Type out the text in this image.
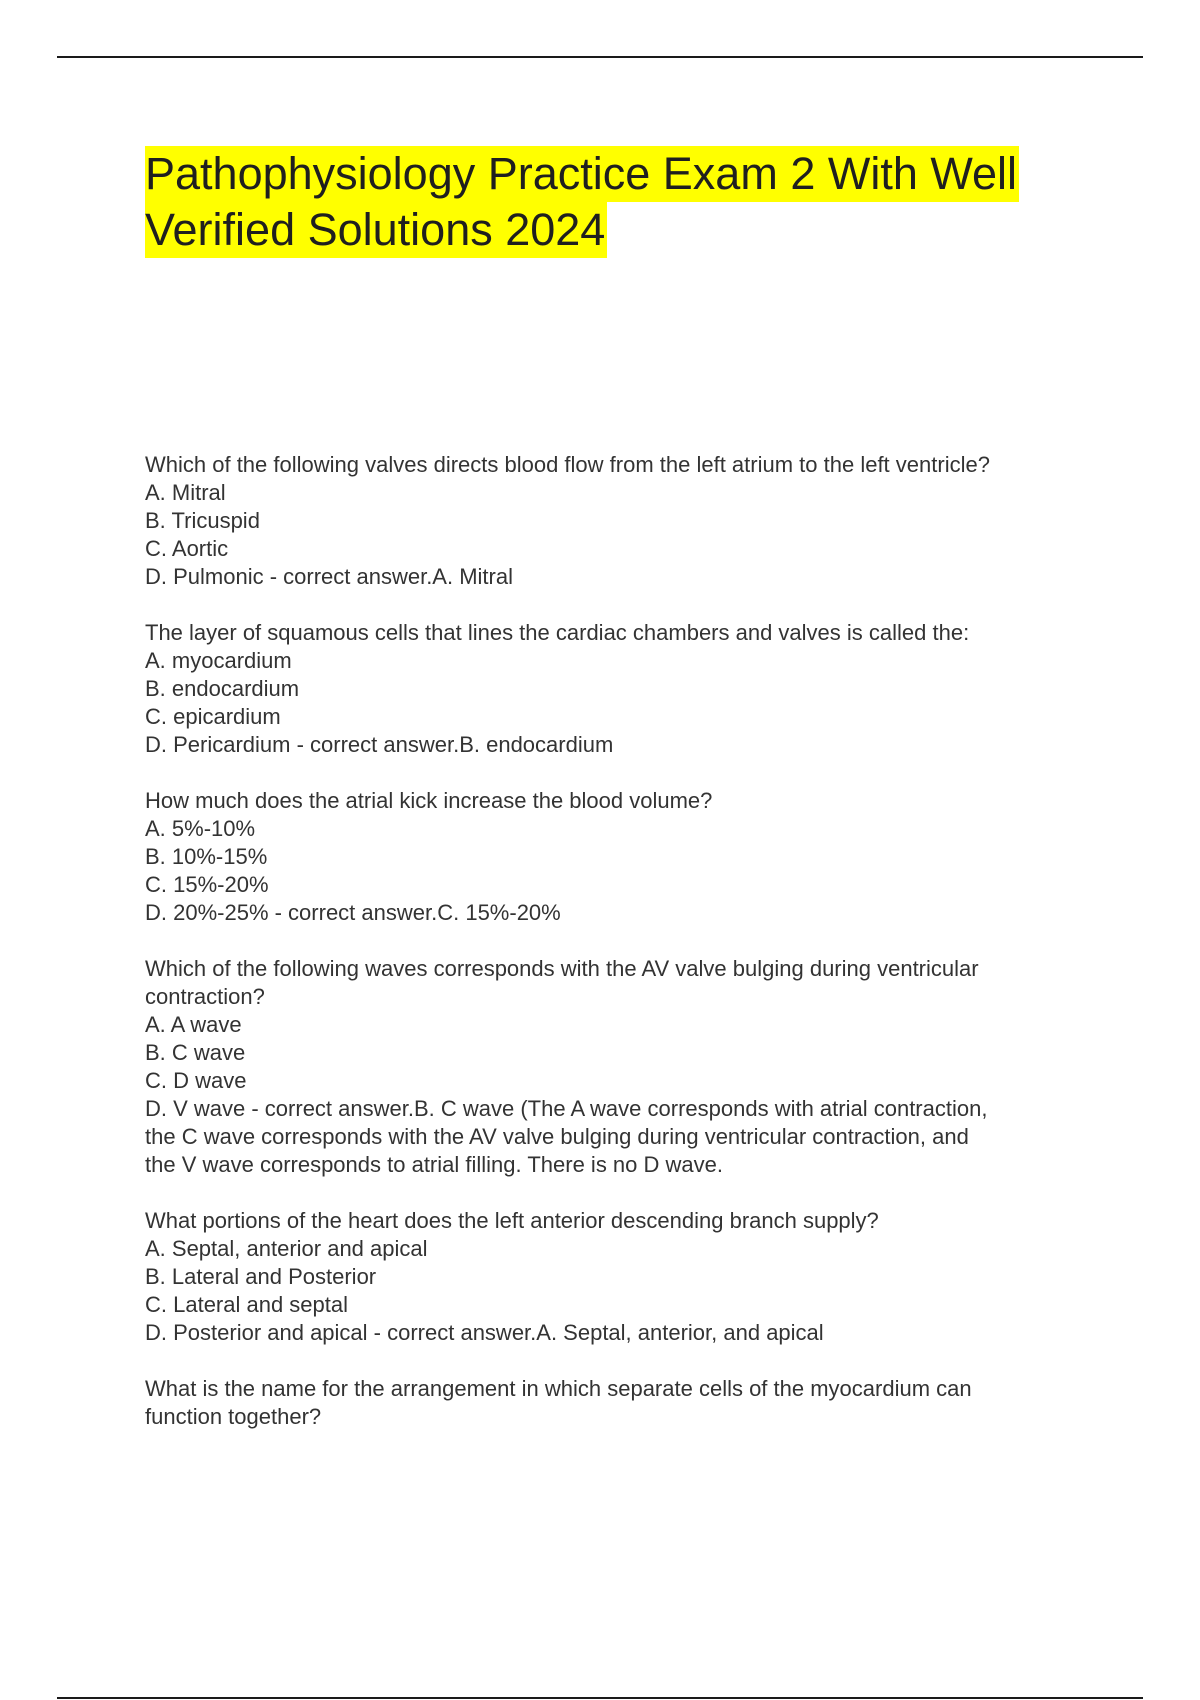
Pathophysiology Practice Exam 2 With Well
Verified Solutions 2024
Which of the following valves directs blood flow from the left atrium to the left ventricle?
A. Mitral
B. Tricuspid
C. Aortic
D. Pulmonic - correct answer.A. Mitral
The layer of squamous cells that lines the cardiac chambers and valves is called the:
A. myocardium
B. endocardium
C. epicardium
D. Pericardium - correct answer.B. endocardium
How much does the atrial kick increase the blood volume?
A. 5%-10%
B. 10%-15%
C. 15%-20%
D. 20%-25% - correct answer.C. 15%-20%
Which of the following waves corresponds with the AV valve bulging during ventricular
contraction?
A. A wave
B. C wave
C. D wave
D. V wave - correct answer.B. C wave (The A wave corresponds with atrial contraction,
the C wave corresponds with the AV valve bulging during ventricular contraction, and
the V wave corresponds to atrial filling. There is no D wave.
What portions of the heart does the left anterior descending branch supply?
A. Septal, anterior and apical
B. Lateral and Posterior
C. Lateral and septal
D. Posterior and apical - correct answer.A. Septal, anterior, and apical
What is the name for the arrangement in which separate cells of the myocardium can
function together?
